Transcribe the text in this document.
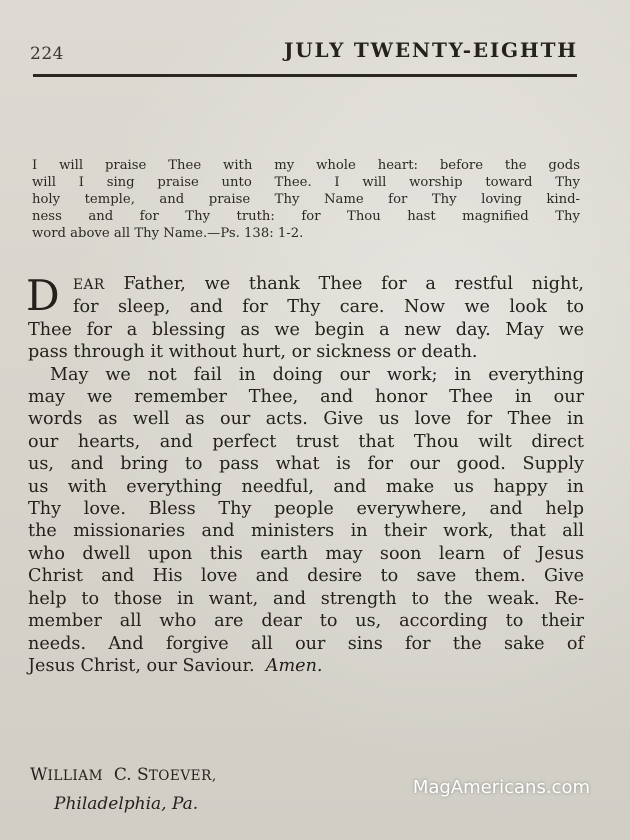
224	JULY TWENTY-EIGHTH
I will praise Thee with my whole heart: before the gods
will I sing praise unto Thee. I will worship toward Thy
holy temple, and praise Thy Name for Thy loving kind-
ness and for Thy truth: for Thou hast magnified Thy
word above all Thy Name.—Ps. 138: 1-2.
D EAR Father, we thank Thee for a restful night,
for sleep, and for Thy care. Now we look to
Thee for a blessing as we begin a new day. May we
pass through it without hurt, or sickness or death.
May we not fail in doing our work; in everything
may we remember Thee, and honor Thee in our
words as well as our acts. Give us love for Thee in
our hearts, and perfect trust that Thou wilt direct
us, and bring to pass what is for our good. Supply
us with everything needful, and make us happy in
Thy love. Bless Thy people everywhere, and help
the missionaries and ministers in their work, that all
who dwell upon this earth may soon learn of Jesus
Christ and His love and desire to save them. Give
help to those in want, and strength to the weak. Re-
member all who are dear to us, according to their
needs. And forgive all our sins for the sake of
Jesus Christ, our Saviour. Amen.
WILLIAM C. STOEVER,
Philadelphia, Pa.
MagAmericans.com
